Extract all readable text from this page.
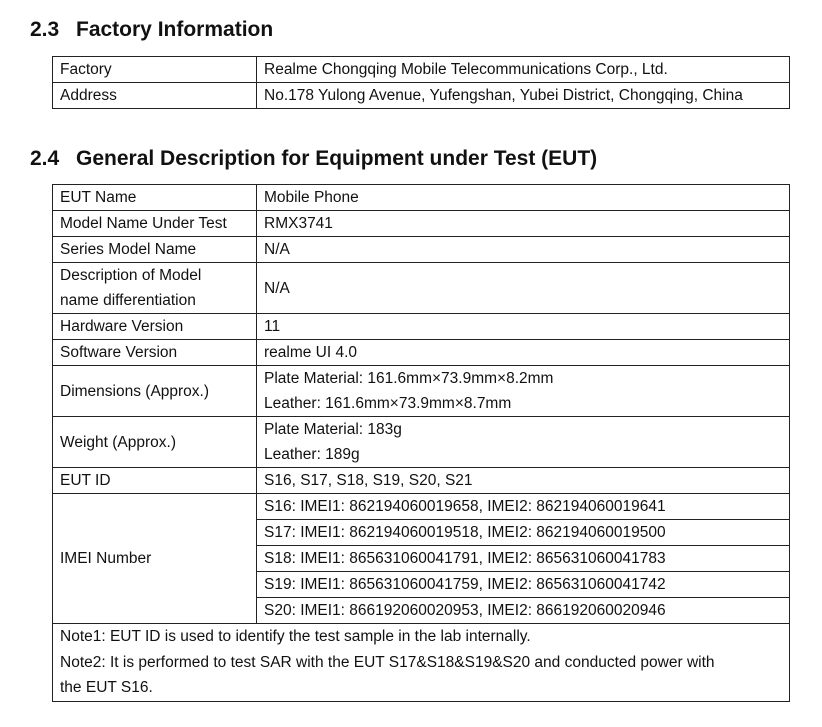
2.3 Factory Information
Factory	Realme Chongqing Mobile Telecommunications Corp., Ltd.
Address	No.178 Yulong Avenue, Yufengshan, Yubei District, Chongqing, China
2.4 General Description for Equipment under Test (EUT)
EUT Name	Mobile Phone
Model Name Under Test	RMX3741
Series Model Name	N/A

Description of Model
name differentiation	N/A
Hardware Version	11
Software Version	realme UI 4.0
Dimensions (Approx.)	Plate Material: 161.6mm×73.9mm×8.2mm
Leather: 161.6mm×73.9mm×8.7mm

Weight (Approx.)	Plate Material: 183g
Leather: 189g

EUT ID	S16, S17, S18, S19, S20, S21
IMEI Number	S16: IMEI1: 862194060019658, IMEI2: 862194060019641
	S17: IMEI1: 862194060019518, IMEI2: 862194060019500
	S18: IMEI1: 865631060041791, IMEI2: 865631060041783
	S19: IMEI1: 865631060041759, IMEI2: 865631060041742
	S20: IMEI1: 866192060020953, IMEI2: 866192060020946

Note1: EUT ID is used to identify the test sample in the lab internally.
Note2: It is performed to test SAR with the EUT S17&S18&S19&S20 and conducted power with
the EUT S16.	
